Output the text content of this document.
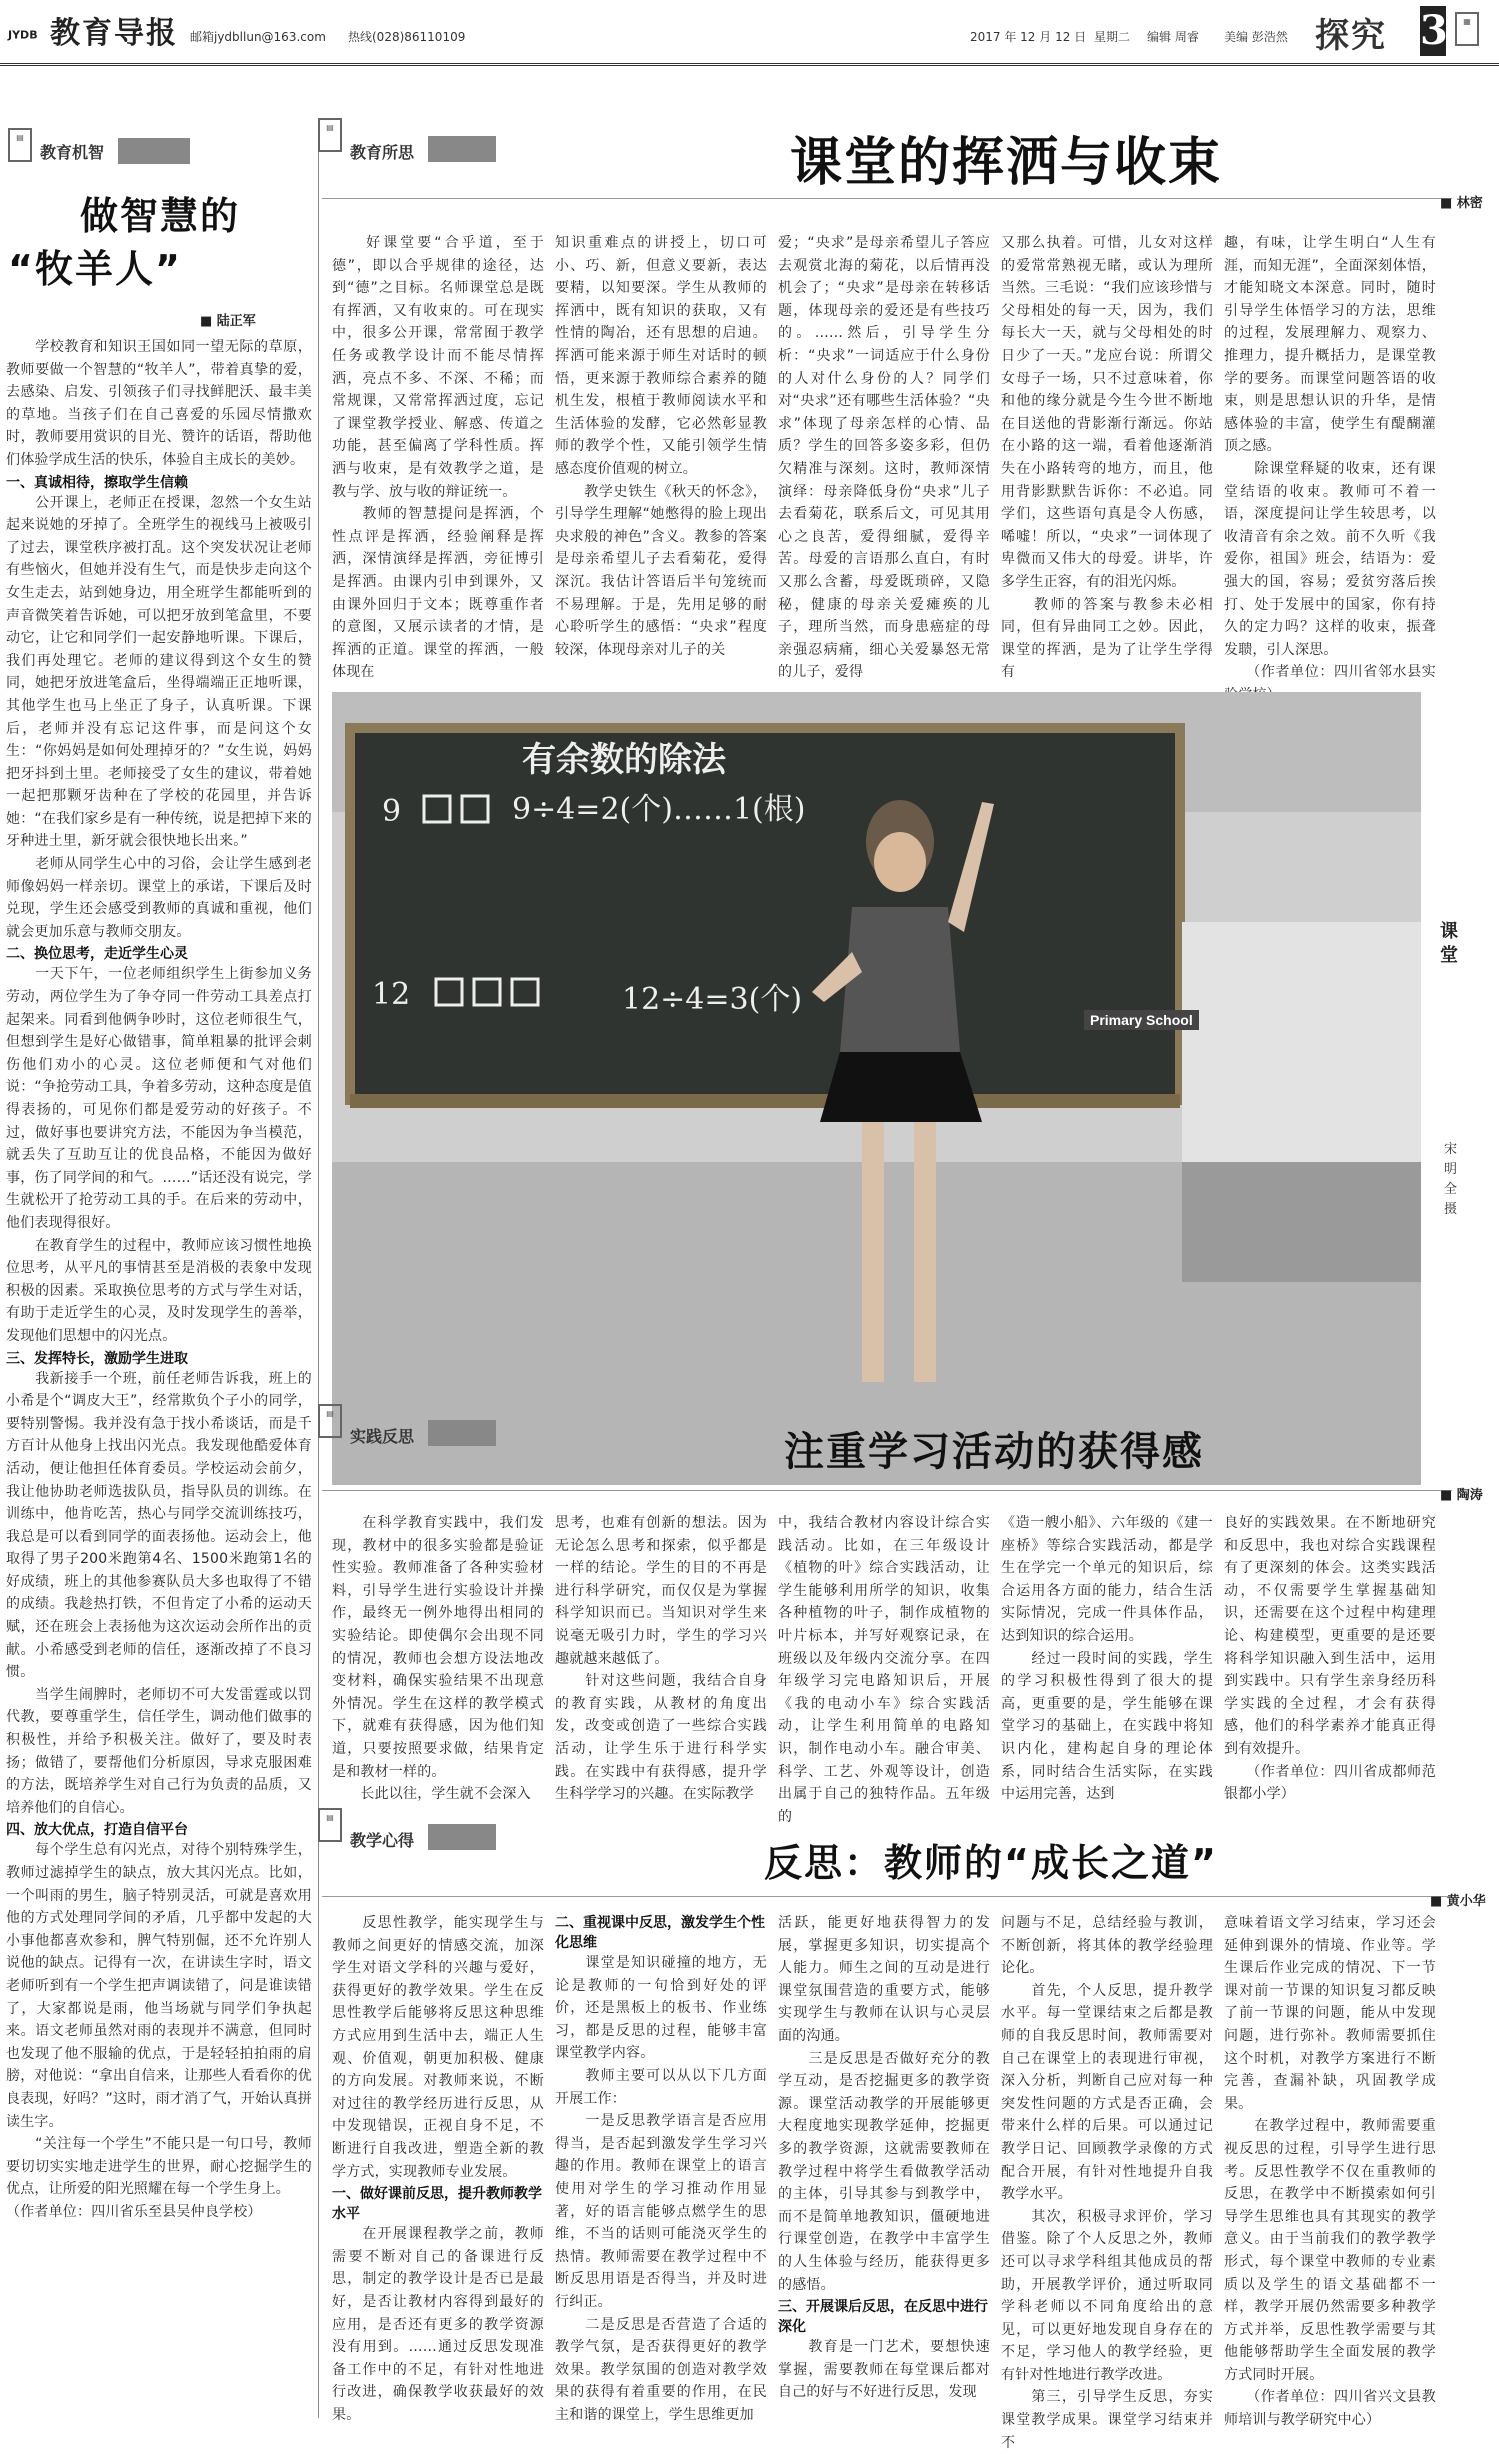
JYDB 教育导报 邮箱jydbllun@163.com 热线(028)86110109	2017 年 12 月 12 日 星期二 编辑 周睿 美编 彭浩然 探究 3	▦
▤
教育机智
做智慧的
“牧羊人”
■ 陆正军

　　学校教育和知识王国如同一望无际的草原，教师要做一个智慧的“牧羊人”，带着真挚的爱，去感染、启发、引领孩子们寻找鲜肥沃、最丰美的草地。当孩子们在自己喜爱的乐园尽情撒欢时，教师要用赏识的目光、赞许的话语，帮助他们体验学成生活的快乐，体验自主成长的美妙。

一、真诚相待，擦取学生信赖

　　公开课上，老师正在授课，忽然一个女生站起来说她的牙掉了。全班学生的视线马上被吸引了过去，课堂秩序被打乱。这个突发状况让老师有些恼火，但她并没有生气，而是快步走向这个女生走去，站到她身边，用全班学生都能听到的声音微笑着告诉她，可以把牙放到笔盒里，不要动它，让它和同学们一起安静地听课。下课后，我们再处理它。老师的建议得到这个女生的赞同，她把牙放进笔盒后，坐得端端正正地听课，其他学生也马上坐正了身子，认真听课。下课后，老师并没有忘记这件事，而是问这个女生：“你妈妈是如何处理掉牙的？”女生说，妈妈把牙抖到土里。老师接受了女生的建议，带着她一起把那颗牙齿种在了学校的花园里，并告诉她：“在我们家乡是有一种传统，说是把掉下来的牙种进土里，新牙就会很快地长出来。”

　　老师从同学生心中的习俗，会让学生感到老师像妈妈一样亲切。课堂上的承诺，下课后及时兑现，学生还会感受到教师的真诚和重视，他们就会更加乐意与教师交朋友。

二、换位思考，走近学生心灵

　　一天下午，一位老师组织学生上街参加义务劳动，两位学生为了争夺同一件劳动工具差点打起架来。同看到他俩争吵时，这位老师很生气，但想到学生是好心做错事，简单粗暴的批评会刺伤他们劝小的心灵。这位老师便和气对他们说：“争抢劳动工具，争着多劳动，这种态度是值得表扬的，可见你们都是爱劳动的好孩子。不过，做好事也要讲究方法，不能因为争当模范，就丢失了互助互让的优良品格，不能因为做好事，伤了同学间的和气。……”话还没有说完，学生就松开了抢劳动工具的手。在后来的劳动中，他们表现得很好。

　　在教育学生的过程中，教师应该习惯性地换位思考，从平凡的事情甚至是消极的表象中发现积极的因素。采取换位思考的方式与学生对话，有助于走近学生的心灵，及时发现学生的善举，发现他们思想中的闪光点。

三、发挥特长，激励学生进取

　　我新接手一个班，前任老师告诉我，班上的小希是个“调皮大王”，经常欺负个子小的同学，要特别警惕。我并没有急于找小希谈话，而是千方百计从他身上找出闪光点。我发现他酷爱体育活动，便让他担任体育委员。学校运动会前夕，我让他协助老师选拔队员，指导队员的训练。在训练中，他肯吃苦，热心与同学交流训练技巧，我总是可以看到同学的面表扬他。运动会上，他取得了男子200米跑第4名、1500米跑第1名的好成绩，班上的其他参赛队员大多也取得了不错的成绩。我趁热打铁，不但肯定了小希的运动天赋，还在班会上表扬他为这次运动会所作出的贡献。小希感受到老师的信任，逐渐改掉了不良习惯。

　　当学生闹脾时，老师切不可大发雷霆或以罚代教，要尊重学生，信任学生，调动他们做事的积极性，并给予积极关注。做好了，要及时表扬；做错了，要帮他们分析原因，导求克服困难的方法，既培养学生对自己行为负责的品质，又培养他们的自信心。

四、放大优点，打造自信平台

　　每个学生总有闪光点，对待个别特殊学生，教师过滤掉学生的缺点，放大其闪光点。比如，一个叫雨的男生，脑子特别灵活，可就是喜欢用他的方式处理同学间的矛盾，几乎都中发起的大小事他都喜欢参和，脾气特别倔，还不允许别人说他的缺点。记得有一次，在讲读生字时，语文老师听到有一个学生把声调读错了，问是谁读错了，大家都说是雨，他当场就与同学们争执起来。语文老师虽然对雨的表现并不满意，但同时也发现了他不服输的优点，于是轻轻拍拍雨的肩膀，对他说：“拿出自信来，让那些人看看你的优良表现，好吗？”这时，雨才消了气，开始认真拼读生字。

　　“关注每一个学生”不能只是一句口号，教师要切切实实地走进学生的世界，耐心挖掘学生的优点，让所爱的阳光照耀在每一个学生身上。

（作者单位：四川省乐至县吴仲良学校）

▤
教育所思	课堂的挥洒与收束
■ 林密
　　好课堂要“合乎道，至于德”，即以合乎规律的途径，达到“德”之目标。名师课堂总是既有挥洒，又有收束的。可在现实中，很多公开课，常常囿于教学任务或教学设计而不能尽情挥洒，亮点不多、不深、不稀；而常规课，又常常挥洒过度，忘记了课堂教学授业、解惑、传道之功能，甚至偏离了学科性质。挥洒与收束，是有效教学之道，是教与学、放与收的辩证统一。
　　教师的智慧提问是挥洒，个性点评是挥洒，经验阐释是挥洒，深情演绎是挥洒，旁征博引是挥洒。由课内引申到课外，又由课外回归于文本；既尊重作者的意图，又展示读者的才情，是挥洒的正道。课堂的挥洒，一般体现在
知识重难点的讲授上，切口可小、巧、新，但意义要新，表达要精，以知要深。学生从教师的挥洒中，既有知识的获取，又有性情的陶冶，还有思想的启迪。挥洒可能来源于师生对话时的顿悟，更来源于教师综合素养的随机生发，根植于教师阅读水平和生活体验的发酵，它必然彰显教师的教学个性，又能引领学生情感态度价值观的树立。
　　教学史铁生《秋天的怀念》，引导学生理解“她憋得的脸上现出央求般的神色”含义。教参的答案是母亲希望儿子去看菊花，爱得深沉。我估计答语后半句笼统而不易理解。于是，先用足够的耐心聆听学生的感悟：“央求”程度较深，体现母亲对儿子的关
爱；“央求”是母亲希望儿子答应去观赏北海的菊花，以后情再没机会了；“央求”是母亲在转移话题，体现母亲的爱还是有些技巧的。……然后，引导学生分析：“央求”一词适应于什么身份的人对什么身份的人？同学们对“央求”还有哪些生活体验？“央求”体现了母亲怎样的心情、品质？学生的回答多姿多彩，但仍欠精准与深刻。这时，教师深情演绎：母亲降低身份“央求”儿子去看菊花，联系后文，可见其用心之良苦，爱得细腻，爱得辛苦。母爱的言语那么直白，有时又那么含蓄，母爱既琐碎，又隐秘，健康的母亲关爱瘫痪的儿子，理所当然，而身患癌症的母亲强忍病痛，细心关爱暴怒无常的儿子，爱得
又那么执着。可惜，儿女对这样的爱常常熟视无睹，或认为理所当然。三毛说：“我们应该珍惜与父母相处的每一天，因为，我们每长大一天，就与父母相处的时日少了一天。”龙应台说：所谓父女母子一场，只不过意味着，你和他的缘分就是今生今世不断地在目送他的背影渐行渐远。你站在小路的这一端，看着他逐渐消失在小路转弯的地方，而且，他用背影默默告诉你：不必追。同学们，这些语句真是令人伤感，唏嘘！所以，“央求”一词体现了卑微而又伟大的母爱。讲毕，许多学生正容，有的泪光闪烁。
　　教师的答案与教参未必相同，但有异曲同工之妙。因此，课堂的挥洒，是为了让学生学得有
趣，有味，让学生明白“人生有涯，而知无涯”，全面深刻体悟，才能知晓文本深意。同时，随时引导学生体悟学习的方法，思维的过程，发展理解力、观察力、推理力，提升概括力，是课堂教学的要务。而课堂问题答语的收束，则是思想认识的升华，是情感体验的丰富，使学生有醍醐灌顶之感。
　　除课堂释疑的收束，还有课堂结语的收束。教师可不着一语，深度提问让学生较思考，以收清音有余之效。前不久听《我爱你，祖国》班会，结语为：爱强大的国，容易；爱贫穷落后挨打、处于发展中的国家，你有持久的定力吗？这样的收束，振聋发聩，引人深思。
　　（作者单位：四川省邻水县实
有余数的除法
9÷4=2(个)……1(根)
9
12	12÷4=3(个)
Primary School
课堂
宋明全摄
▤
实践反思	注重学习活动的获得感
■ 陶涛
　　在科学教育实践中，我们发现，教材中的很多实验都是验证性实验。教师准备了各种实验材料，引导学生进行实验设计并操作，最终无一例外地得出相同的实验结论。即使偶尔会出现不同的情况，教师也会想方设法地改变材料，确保实验结果不出现意外情况。学生在这样的教学模式下，就难有获得感，因为他们知道，只要按照要求做，结果肯定是和教材一样的。
　　长此以往，学生就不会深入
思考，也难有创新的想法。因为无论怎么思考和探索，似乎都是一样的结论。学生的目的不再是进行科学研究，而仅仅是为掌握科学知识而已。当知识对学生来说毫无吸引力时，学生的学习兴趣就越来越低了。
　　针对这些问题，我结合自身的教育实践，从教材的角度出发，改变或创造了一些综合实践活动，让学生乐于进行科学实践。在实践中有获得感，提升学生科学学习的兴趣。在实际教学
中，我结合教材内容设计综合实践活动。比如，在三年级设计《植物的叶》综合实践活动，让学生能够利用所学的知识，收集各种植物的叶子，制作成植物的叶片标本，并写好观察记录，在班级以及年级内交流分享。在四年级学习完电路知识后，开展《我的电动小车》综合实践活动，让学生利用简单的电路知识，制作电动小车。融合审美、科学、工艺、外观等设计，创造出属于自己的独特作品。五年级的
《造一艘小船》、六年级的《建一座桥》等综合实践活动，都是学生在学完一个单元的知识后，综合运用各方面的能力，结合生活实际情况，完成一件具体作品，达到知识的综合运用。
　　经过一段时间的实践，学生的学习积极性得到了很大的提高，更重要的是，学生能够在课堂学习的基础上，在实践中将知识内化，建构起自身的理论体系，同时结合生活实际，在实践中运用完善，达到
良好的实践效果。在不断地研究和反思中，我也对综合实践课程有了更深刻的体会。这类实践活动，不仅需要学生掌握基础知识，还需要在这个过程中构建理论、构建模型，更重要的是还要将科学知识融入到生活中，运用到实践中。只有学生亲身经历科学实践的全过程，才会有获得感，他们的科学素养才能真正得到有效提升。
　　（作者单位：四川省成都师范银都小学）
▤
教学心得
反思：教师的“成长之道”
■ 黄小华

　　反思性教学，能实现学生与教师之间更好的情感交流，加深学生对语文学科的兴趣与爱好，获得更好的教学效果。学生在反思性教学后能够将反思这种思维方式应用到生活中去，端正人生观、价值观，朝更加积极、健康的方向发展。对教师来说，不断对过往的教学经历进行反思，从中发现错误，正视自身不足，不断进行自我改进，塑造全新的教学方式，实现教师专业发展。

一、做好课前反思，提升教师教学水平

　　在开展课程教学之前，教师需要不断对自己的备课进行反思，制定的教学设计是否已是最好，是否让教材内容得到最好的应用，是否还有更多的教学资源没有用到。……通过反思发现准备工作中的不足，有针对性地进行改进，确保教学收获最好的效果。

二、重视课中反思，激发学生个性化思维

　　课堂是知识碰撞的地方，无论是教师的一句恰到好处的评价，还是黑板上的板书、作业练习，都是反思的过程，能够丰富课堂教学内容。
　　教师主要可以从以下几方面开展工作：
　　一是反思教学语言是否应用得当，是否起到激发学生学习兴趣的作用。教师在课堂上的语言使用对学生的学习推动作用显著，好的语言能够点燃学生的思维，不当的话则可能浇灭学生的热情。教师需要在教学过程中不断反思用语是否得当，并及时进行纠正。
　　二是反思是否营造了合适的教学气氛，是否获得更好的教学效果。教学氛围的创造对教学效果的获得有着重要的作用，在民主和谐的课堂上，学生思维更加

活跃，能更好地获得智力的发展，掌握更多知识，切实提高个人能力。师生之间的互动是进行课堂氛围营造的重要方式，能够实现学生与教师在认识与心灵层面的沟通。
　　三是反思是否做好充分的教学互动，是否挖掘更多的教学资源。课堂活动教学的开展能够更大程度地实现教学延伸，挖掘更多的教学资源，这就需要教师在教学过程中将学生看做教学活动的主体，引导其参与到教学中，而不是简单地教知识，僵硬地进行课堂创造，在教学中丰富学生的人生体验与经历，能获得更多的感悟。

三、开展课后反思，在反思中进行深化

　　教育是一门艺术，要想快速掌握，需要教师在每堂课后都对自己的好与不好进行反思，发现

问题与不足，总结经验与教训，不断创新，将其体的教学经验理论化。
　　首先，个人反思，提升教学水平。每一堂课结束之后都是教师的自我反思时间，教师需要对自己在课堂上的表现进行审视，深入分析，判断自己应对每一种突发性问题的方式是否正确，会带来什么样的后果。可以通过记教学日记、回顾教学录像的方式配合开展，有针对性地提升自我教学水平。
　　其次，积极寻求评价，学习借鉴。除了个人反思之外，教师还可以寻求学科组其他成员的帮助，开展教学评价，通过听取同学科老师以不同角度给出的意见，可以更好地发现自身存在的不足，学习他人的教学经验，更有针对性地进行教学改进。
　　第三，引导学生反思，夯实课堂教学成果。课堂学习结束并不
意味着语文学习结束，学习还会延伸到课外的情境、作业等。学生课后作业完成的情况、下一节课对前一节课的知识复习都反映了前一节课的问题，能从中发现问题，进行弥补。教师需要抓住这个时机，对教学方案进行不断完善，查漏补缺，巩固教学成果。
　　在教学过程中，教师需要重视反思的过程，引导学生进行思考。反思性教学不仅在重教师的反思，在教学中不断摸索如何引导学生思维也具有其现实的教学意义。由于当前我们的教学教学形式，每个课堂中教师的专业素质以及学生的语文基础都不一样，教学开展仍然需要多种教学方式并举，反思性教学需要与其他能够帮助学生全面发展的教学方式同时开展。
　　（作者单位：四川省兴文县教师培训与教学研究中心）
